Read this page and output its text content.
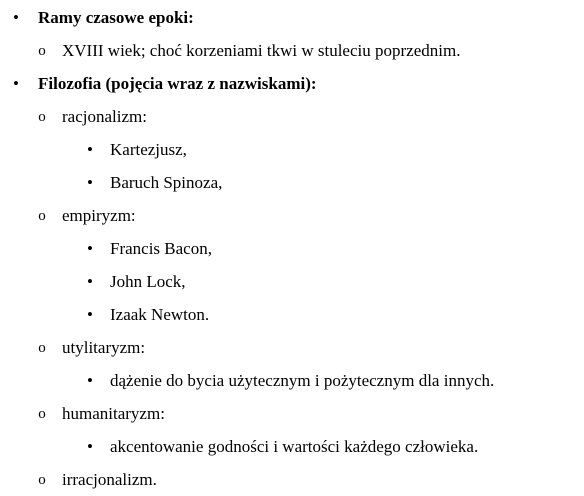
• Ramy czasowe epoki:
o XVIII wiek; choć korzeniami tkwi w stuleciu poprzednim.
• Filozofia (pojęcia wraz z nazwiskami):
o racjonalizm:
• Kartezjusz,
• Baruch Spinoza,
o empiryzm:
• Francis Bacon,
• John Lock,
• Izaak Newton.
o utylitaryzm:
• dążenie do bycia użytecznym i pożytecznym dla innych.
o humanitaryzm:
• akcentowanie godności i wartości każdego człowieka.
o irracjonalizm.
